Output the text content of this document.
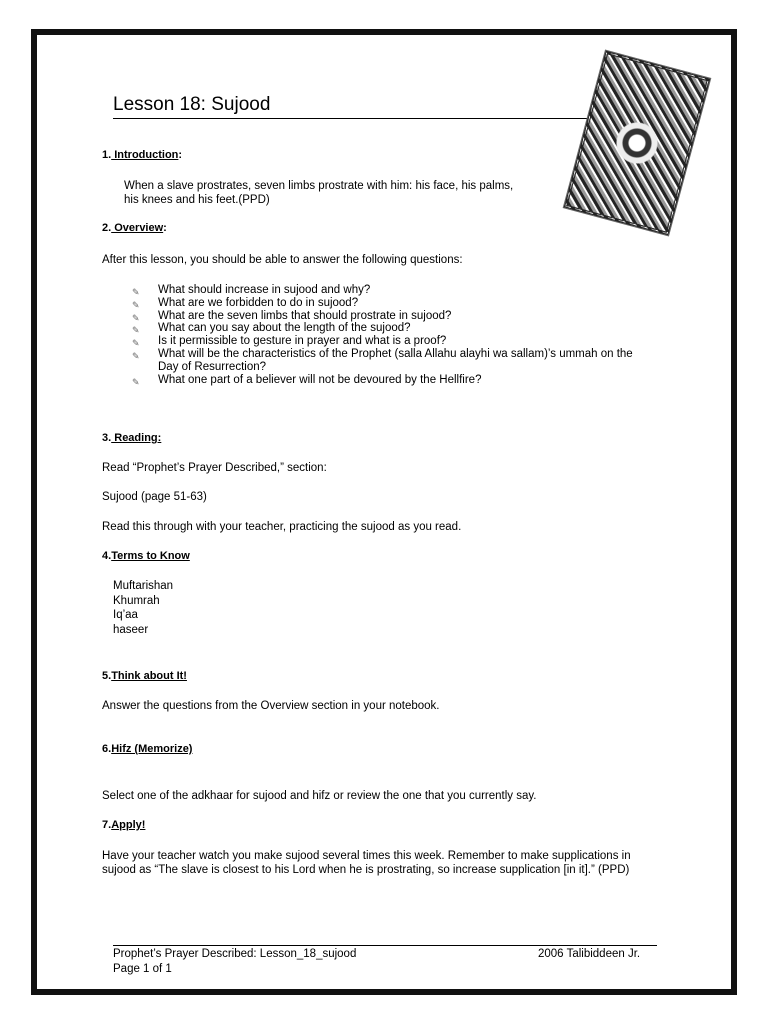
Lesson 18: Sujood
1. Introduction:
When a slave prostrates, seven limbs prostrate with him: his face, his palms,
his knees and his feet.(PPD)
2. Overview:
After this lesson, you should be able to answer the following questions:
✎ What should increase in sujood and why?
✎ What are we forbidden to do in sujood?
✎ What are the seven limbs that should prostrate in sujood?
✎ What can you say about the length of the sujood?
✎ Is it permissible to gesture in prayer and what is a proof?
✎ What will be the characteristics of the Prophet (salla Allahu alayhi wa sallam)’s ummah on the
Day of Resurrection?
✎ What one part of a believer will not be devoured by the Hellfire?
3. Reading:
Read “Prophet’s Prayer Described,” section:
Sujood (page 51-63)
Read this through with your teacher, practicing the sujood as you read.
4.Terms to Know
Muftarishan
Khumrah
Iq’aa
haseer
5.Think about It!
Answer the questions from the Overview section in your notebook.
6.Hifz (Memorize)
Select one of the adkhaar for sujood and hifz or review the one that you currently say.
7.Apply!
Have your teacher watch you make sujood several times this week. Remember to make supplications in
sujood as “The slave is closest to his Lord when he is prostrating, so increase supplication [in it].” (PPD)
Prophet’s Prayer Described: Lesson_18_sujood	2006 Talibiddeen Jr.
Page 1 of 1
